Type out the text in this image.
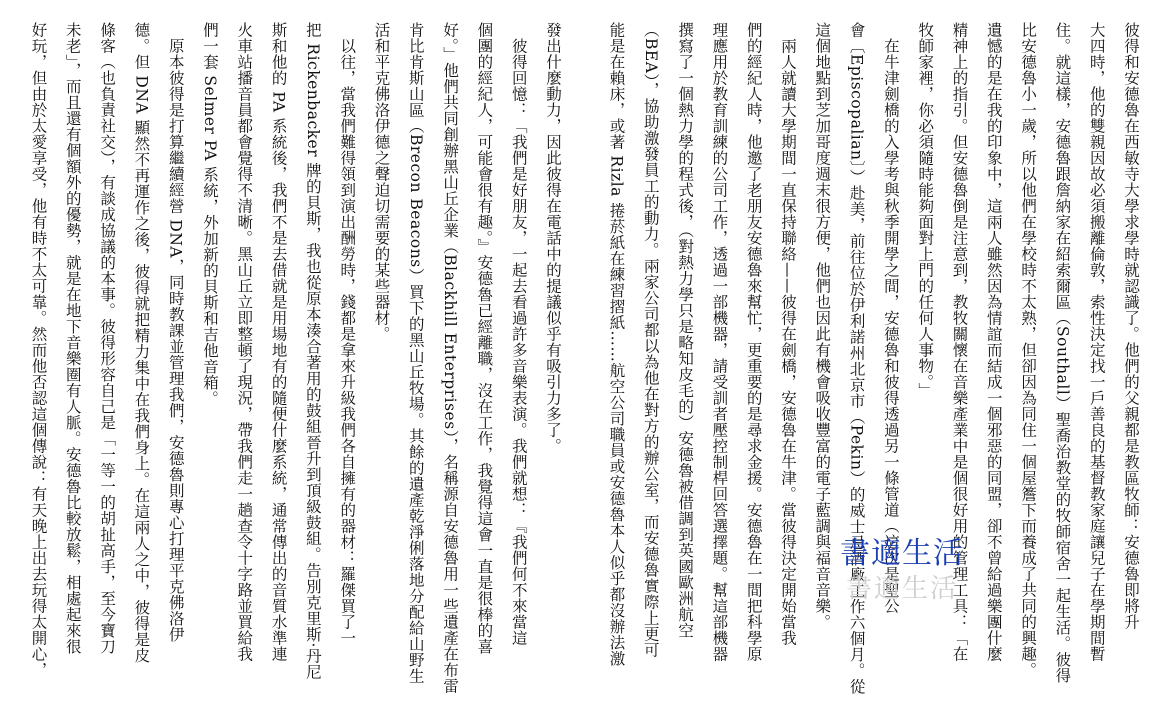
彼得和安德魯在西敏寺大學求學時就認識了。他們的父親都是教區牧師：安德魯即將升
大四時，他的雙親因故必須搬離倫敦，索性決定找一戶善良的基督教家庭讓兒子在學期間暫
住。就這樣，安德魯跟詹納家在紹索爾區（Southall）聖喬治教堂的牧師宿舍一起生活。彼得
比安德魯小一歲，所以他們在學校時不太熟，但卻因為同住一個屋簷下而養成了共同的興趣。
遺憾的是在我的印象中，這兩人雖然因為情誼而結成一個邪惡的同盟，卻不曾給過樂團什麼
精神上的指引。但安德魯倒是注意到，教牧關懷在音樂產業中是個很好用的管理工具：「在
牧師家裡，你必須隨時能夠面對上門的任何人事物。」
　在牛津劍橋的入學考與秋季開學之間，安德魯和彼得透過另一條管道（這次是聖公
會〔Episcopalian〕）赴美，前往位於伊利諾州北京市（Pekin）的威士忌酒廠工作六個月。從
這個地點到芝加哥度週末很方便，他們也因此有機會吸收豐富的電子藍調與福音音樂。
　兩人就讀大學期間一直保持聯絡——彼得在劍橋，安德魯在牛津。當彼得決定開始當我
們的經紀人時，他邀了老朋友安德魯來幫忙，更重要的是尋求金援。安德魯在一間把科學原
理應用於教育訓練的公司工作，透過一部機器，請受訓者壓控制桿回答選擇題。幫這部機器
撰寫了一個熱力學的程式後，（對熱力學只是略知皮毛的）安德魯被借調到英國歐洲航空
（BEA），協助激發員工的動力。兩家公司都以為他在對方的辦公室，而安德魯實際上更可
能是在賴床，或著 Rizla 捲菸紙在練習摺紙……航空公司職員或安德魯本人似乎都沒辦法激
發出什麼動力，因此彼得在電話中的提議似乎有吸引力多了。
　彼得回憶：「我們是好朋友，一起去看過許多音樂表演。我們就想：『我們何不來當這
個團的經紀人，可能會很有趣。』安德魯已經離職，沒在工作，我覺得這會一直是很棒的喜
好。」他們共同創辦黑山丘企業（Blackhill Enterprises），名稱源自安德魯用一些遺產在布雷
肯比肯斯山區（Brecon Beacons）買下的黑山丘牧場。其餘的遺產乾淨俐落地分配給山野生
活和平克佛洛伊德之聲迫切需要的某些器材。
　以往，當我們難得領到演出酬勞時，錢都是拿來升級我們各自擁有的器材：羅傑買了一
把 Rickenbacker 牌的貝斯，我也從原本湊合著用的鼓組晉升到頂級鼓組。告別克里斯·丹尼
斯和他的 PA 系統後，我們不是去借就是用場地有的隨便什麼系統，通常傳出的音質水準連
火車站播音員都會覺得不清晰。黑山丘立即整頓了現況，帶我們走一趟查令十字路並買給我
們一套 Selmer PA 系統，外加新的貝斯和吉他音箱。
　原本彼得是打算繼續經營 DNA，同時教課並管理我們，安德魯則專心打理平克佛洛伊
德。但 DNA 顯然不再運作之後，彼得就把精力集中在我們身上。在這兩人之中，彼得是皮
條客（也負責社交），有談成協議的本事。彼得形容自己是「一等一的胡扯高手，至今寶刀
未老」，而且還有個額外的優勢，就是在地下音樂圈有人脈。安德魯比較放鬆，相處起來很
好玩，但由於太愛享受，他有時不太可靠。然而他否認這個傳說：有天晚上出去玩得太開心，	書適生活
書適生活
